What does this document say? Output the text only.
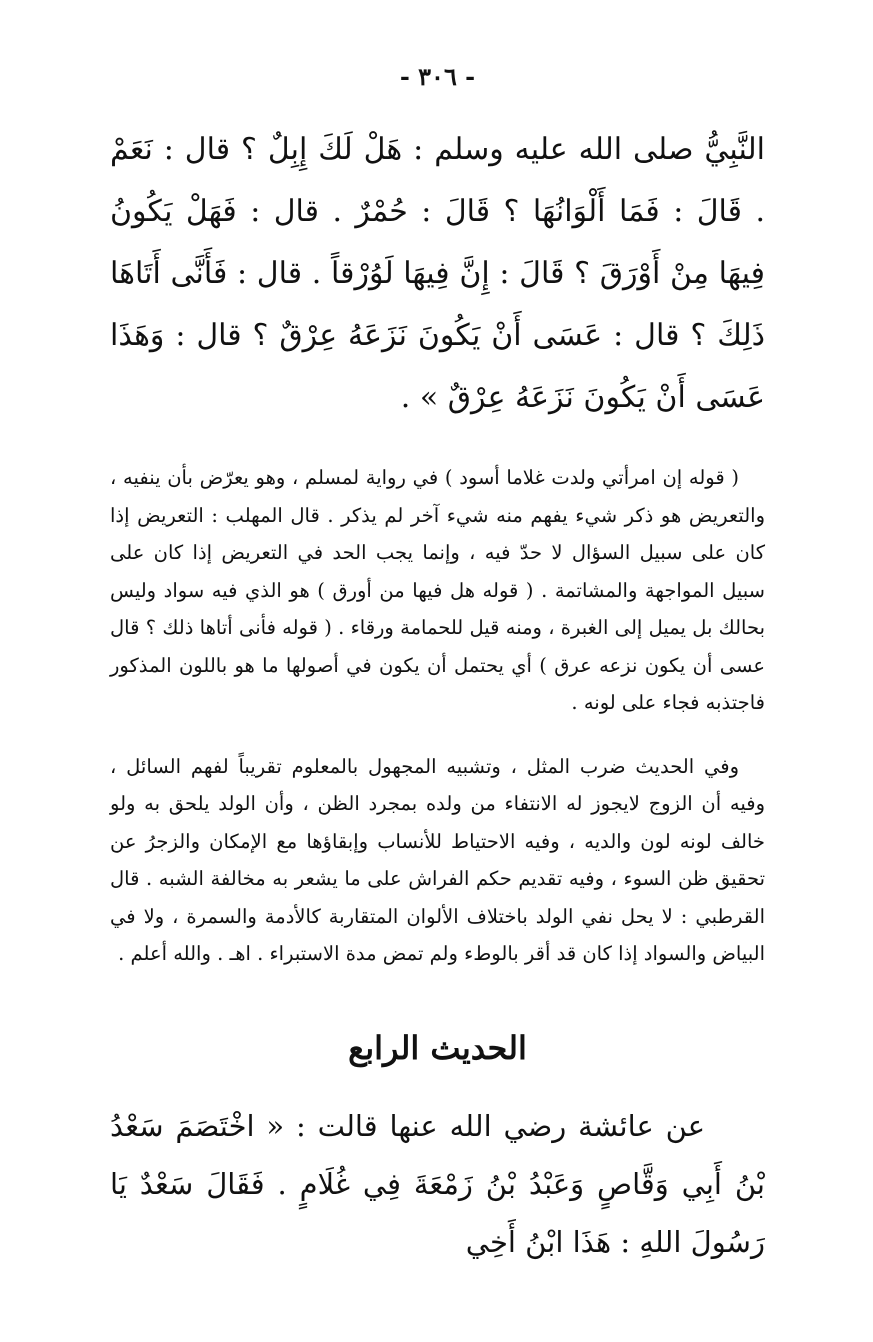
- ٣٠٦ -

النَّبِيُّ صلى الله عليه وسلم : هَلْ لَكَ إِبِلٌ ؟ قال : نَعَمْ . قَالَ : فَمَا أَلْوَانُهَا ؟ قَالَ : حُمْرٌ . قال : فَهَلْ يَكُونُ فِيهَا مِنْ أَوْرَقَ ؟ قَالَ : إِنَّ فِيهَا لَوُرْقاً . قال : فَأَنَّى أَتَاهَا ذَلِكَ ؟ قال : عَسَى أَنْ يَكُونَ نَزَعَهُ عِرْقٌ ؟ قال : وَهَذَا عَسَى أَنْ يَكُونَ نَزَعَهُ عِرْقٌ » .

( قوله إن امرأتي ولدت غلاما أسود ) في رواية لمسلم ، وهو يعرّض بأن ينفيه ، والتعريض هو ذكر شيء يفهم منه شيء آخر لم يذكر . قال المهلب : التعريض إذا كان على سبيل السؤال لا حدّ فيه ، وإنما يجب الحد في التعريض إذا كان على سبيل المواجهة والمشاتمة . ( قوله هل فيها من أورق ) هو الذي فيه سواد وليس بحالك بل يميل إلى الغبرة ، ومنه قيل للحمامة ورقاء . ( قوله فأنى أتاها ذلك ؟ قال عسى أن يكون نزعه عرق ) أي يحتمل أن يكون في أصولها ما هو باللون المذكور فاجتذبه فجاء على لونه .

وفي الحديث ضرب المثل ، وتشبيه المجهول بالمعلوم تقريباً لفهم السائل ، وفيه أن الزوج لايجوز له الانتفاء من ولده بمجرد الظن ، وأن الولد يلحق به ولو خالف لونه لون والديه ، وفيه الاحتياط للأنساب وإبقاؤها مع الإمكان والزجرُ عن تحقيق ظن السوء ، وفيه تقديم حكم الفراش على ما يشعر به مخالفة الشبه . قال القرطبي : لا يحل نفي الولد باختلاف الألوان المتقاربة كالأدمة والسمرة ، ولا في البياض والسواد إذا كان قد أقر بالوطء ولم تمض مدة الاستبراء . اهـ . والله أعلم .

الحديث الرابع

عن عائشة رضي الله عنها قالت : « اخْتَصَمَ سَعْدُ بْنُ أَبِي وَقَّاصٍ وَعَبْدُ بْنُ زَمْعَةَ فِي غُلَامٍ . فَقَالَ سَعْدٌ يَا رَسُولَ اللهِ : هَذَا ابْنُ أَخِي
